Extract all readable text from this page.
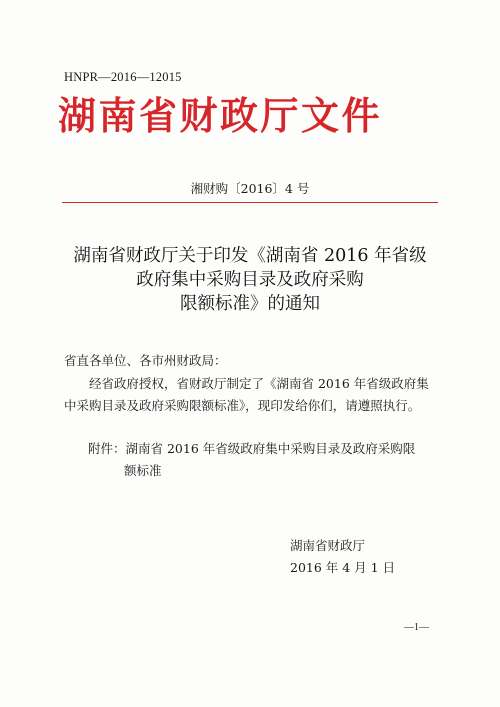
HNPR—2016—12015
湖南省财政厅文件
湘财购〔2016〕4 号
湖南省财政厅关于印发《湖南省 2016 年省级
政府集中采购目录及政府采购
限额标准》的通知
省直各单位、各市州财政局：
经省政府授权，省财政厅制定了《湖南省 2016 年省级政府集
中采购目录及政府采购限额标准》，现印发给你们，请遵照执行。
附件：湖南省 2016 年省级政府集中采购目录及政府采购限
额标准
湖南省财政厅
2016 年 4 月 1 日
—1—
